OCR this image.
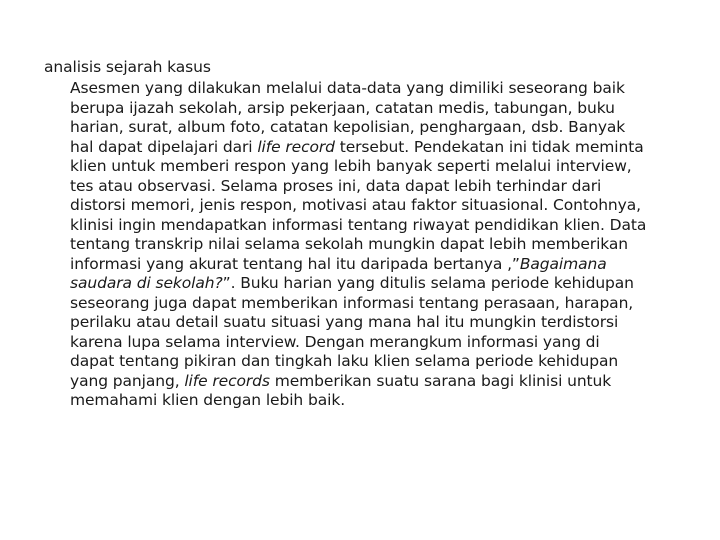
analisis sejarah kasus
Asesmen yang dilakukan melalui data-data yang dimiliki seseorang baik
berupa ijazah sekolah, arsip pekerjaan, catatan medis, tabungan, buku
harian, surat, album foto, catatan kepolisian, penghargaan, dsb. Banyak
hal dapat dipelajari dari life record tersebut. Pendekatan ini tidak meminta
klien untuk memberi respon yang lebih banyak seperti melalui interview,
tes atau observasi. Selama proses ini, data dapat lebih terhindar dari
distorsi memori, jenis respon, motivasi atau faktor situasional. Contohnya,
klinisi ingin mendapatkan informasi tentang riwayat pendidikan klien. Data
tentang transkrip nilai selama sekolah mungkin dapat lebih memberikan
informasi yang akurat tentang hal itu daripada bertanya ,”Bagaimana
saudara di sekolah?”. Buku harian yang ditulis selama periode kehidupan
seseorang juga dapat memberikan informasi tentang perasaan, harapan,
perilaku atau detail suatu situasi yang mana hal itu mungkin terdistorsi
karena lupa selama interview. Dengan merangkum informasi yang di
dapat tentang pikiran dan tingkah laku klien selama periode kehidupan
yang panjang, life records memberikan suatu sarana bagi klinisi untuk
memahami klien dengan lebih baik.
